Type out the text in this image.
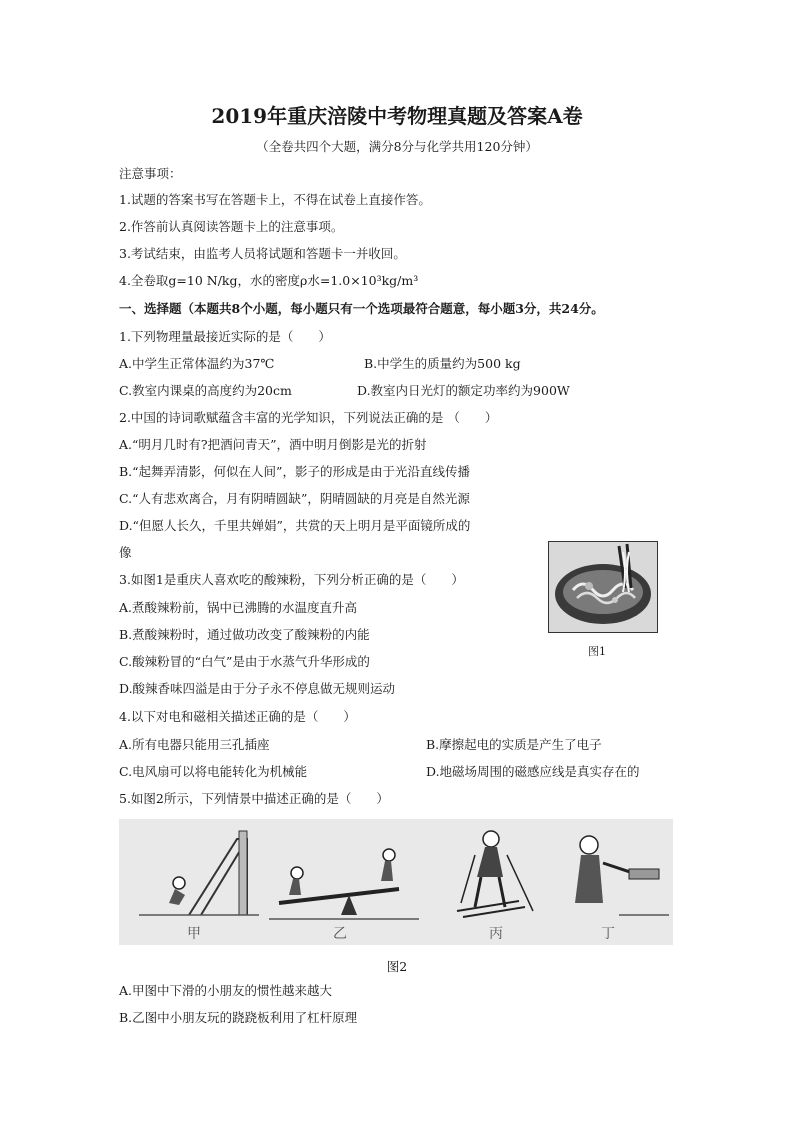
2019年重庆涪陵中考物理真题及答案A卷
（全卷共四个大题，满分8分与化学共用120分钟）
注意事项：
1.试题的答案书写在答题卡上，不得在试卷上直接作答。
2.作答前认真阅读答题卡上的注意事项。
3.考试结束，由监考人员将试题和答题卡一并收回。
4.全卷取g=10 N/kg，水的密度ρ水=1.0×10³kg/m³
一、选择题（本题共8个小题，每小题只有一个选项最符合题意，每小题3分，共24分。
1.下列物理量最接近实际的是（　　）
A.中学生正常体温约为37℃	B.中学生的质量约为500 kg
C.教室内课桌的高度约为20cm	D.教室内日光灯的额定功率约为900W
2.中国的诗词歌赋蕴含丰富的光学知识，下列说法正确的是 （　　）
A.“明月几时有?把酒问青天”，酒中明月倒影是光的折射
B.“起舞弄清影，何似在人间”，影子的形成是由于光沿直线传播
C.“人有悲欢离合，月有阴晴圆缺”，阴晴圆缺的月亮是自然光源
D.“但愿人长久，千里共婵娟”，共赏的天上明月是平面镜所成的
像
3.如图1是重庆人喜欢吃的酸辣粉，下列分析正确的是（　　）
A.煮酸辣粉前，锅中已沸腾的水温度直升高
B.煮酸辣粉时，通过做功改变了酸辣粉的内能
C.酸辣粉冒的“白气”是由于水蒸气升华形成的
D.酸辣香味四溢是由于分子永不停息做无规则运动
图1
4.以下对电和磁相关描述正确的是（　　）
A.所有电器只能用三孔插座	B.摩擦起电的实质是产生了电子
C.电风扇可以将电能转化为机械能	D.地磁场周围的磁感应线是真实存在的
5.如图2所示，下列情景中描述正确的是（　　）
甲	乙	丙	丁
图2
A.甲图中下滑的小朋友的惯性越来越大
B.乙图中小朋友玩的跷跷板利用了杠杆原理
